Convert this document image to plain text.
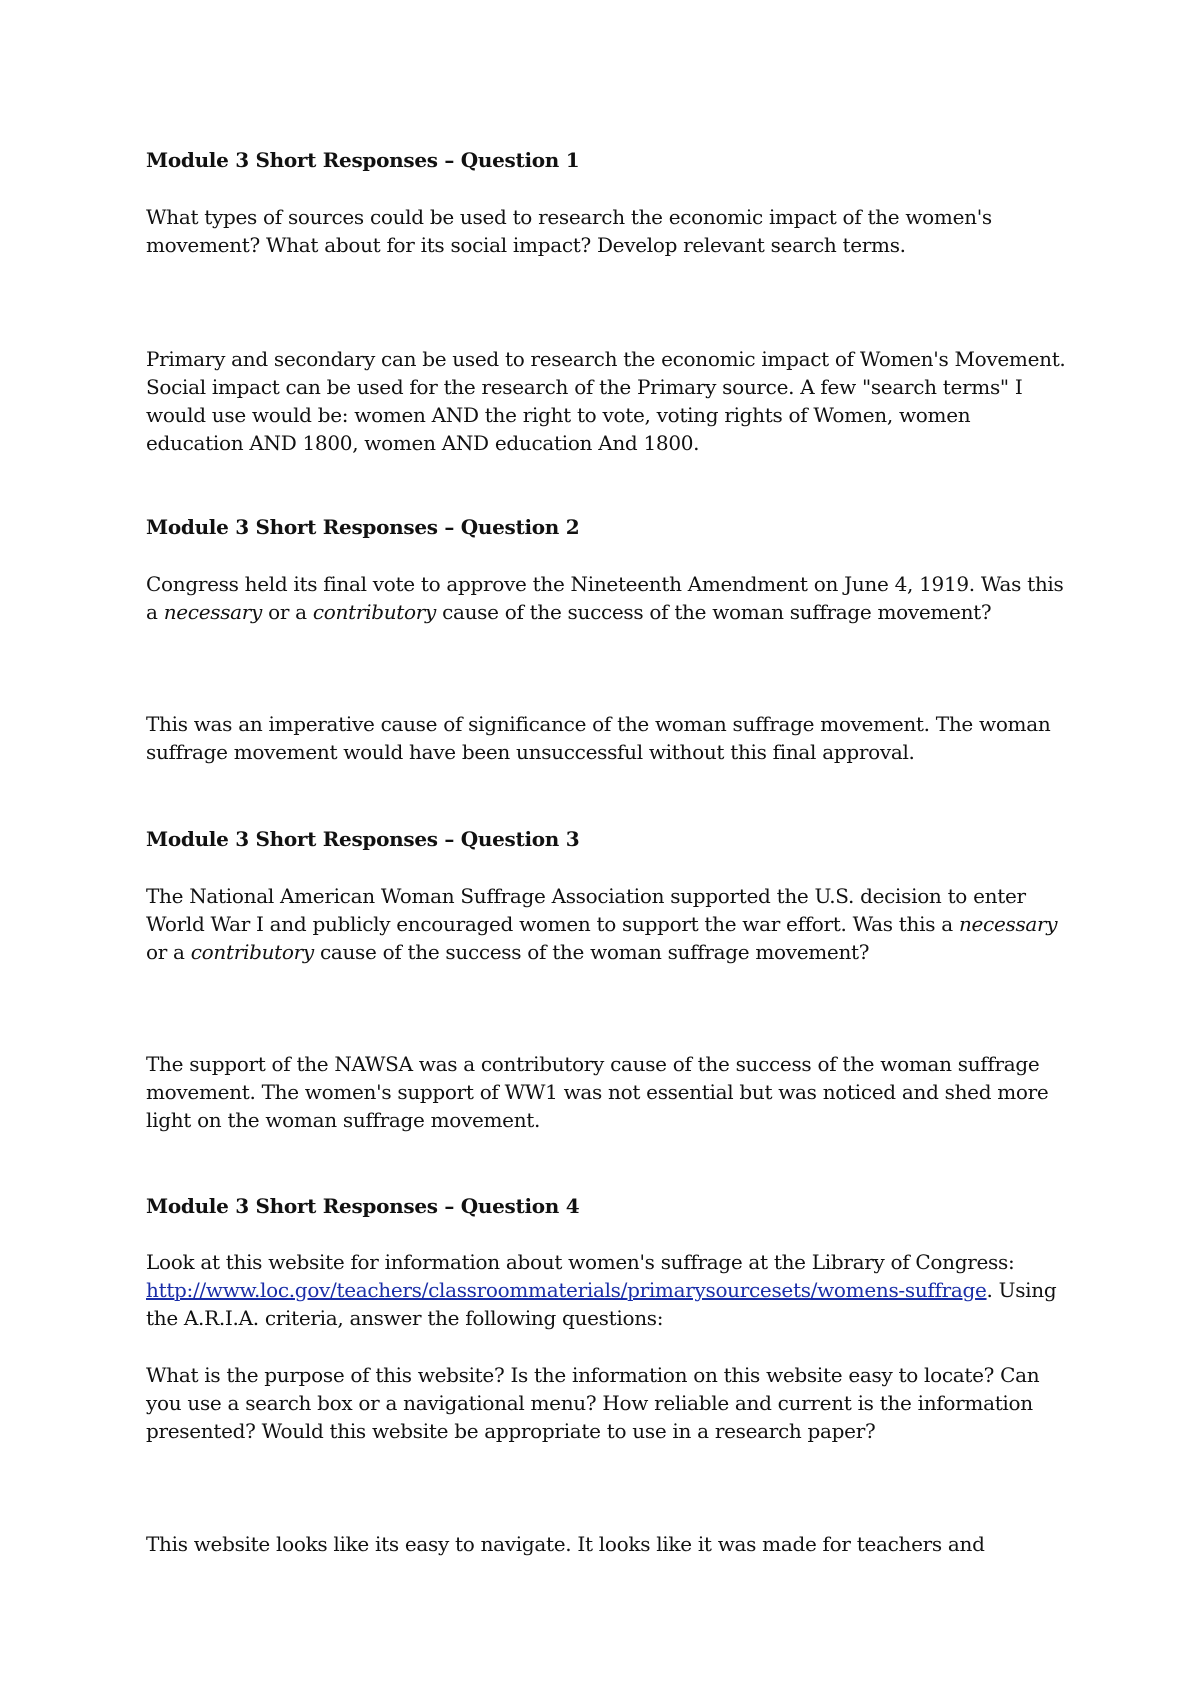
Module 3 Short Responses – Question 1
What types of sources could be used to research the economic impact of the women's movement? What about for its social impact? Develop relevant search terms.
Primary and secondary can be used to research the economic impact of Women's Movement. Social impact can be used for the research of the Primary source. A few "search terms" I would use would be: women AND the right to vote, voting rights of Women, women education AND 1800, women AND education And 1800.
Module 3 Short Responses – Question 2
Congress held its final vote to approve the Nineteenth Amendment on June 4, 1919. Was this a necessary or a contributory cause of the success of the woman suffrage movement?
This was an imperative cause of significance of the woman suffrage movement. The woman suffrage movement would have been unsuccessful without this final approval.
Module 3 Short Responses – Question 3
The National American Woman Suffrage Association supported the U.S. decision to enter World War I and publicly encouraged women to support the war effort. Was this a necessary or a contributory cause of the success of the woman suffrage movement?
The support of the NAWSA was a contributory cause of the success of the woman suffrage movement. The women's support of WW1 was not essential but was noticed and shed more light on the woman suffrage movement.
Module 3 Short Responses – Question 4
Look at this website for information about women's suffrage at the Library of Congress: http://www.loc.gov/teachers/classroommaterials/primarysourcesets/womens-suffrage. Using the A.R.I.A. criteria, answer the following questions:
What is the purpose of this website? Is the information on this website easy to locate? Can you use a search box or a navigational menu? How reliable and current is the information presented? Would this website be appropriate to use in a research paper?
This website looks like its easy to navigate. It looks like it was made for teachers and
